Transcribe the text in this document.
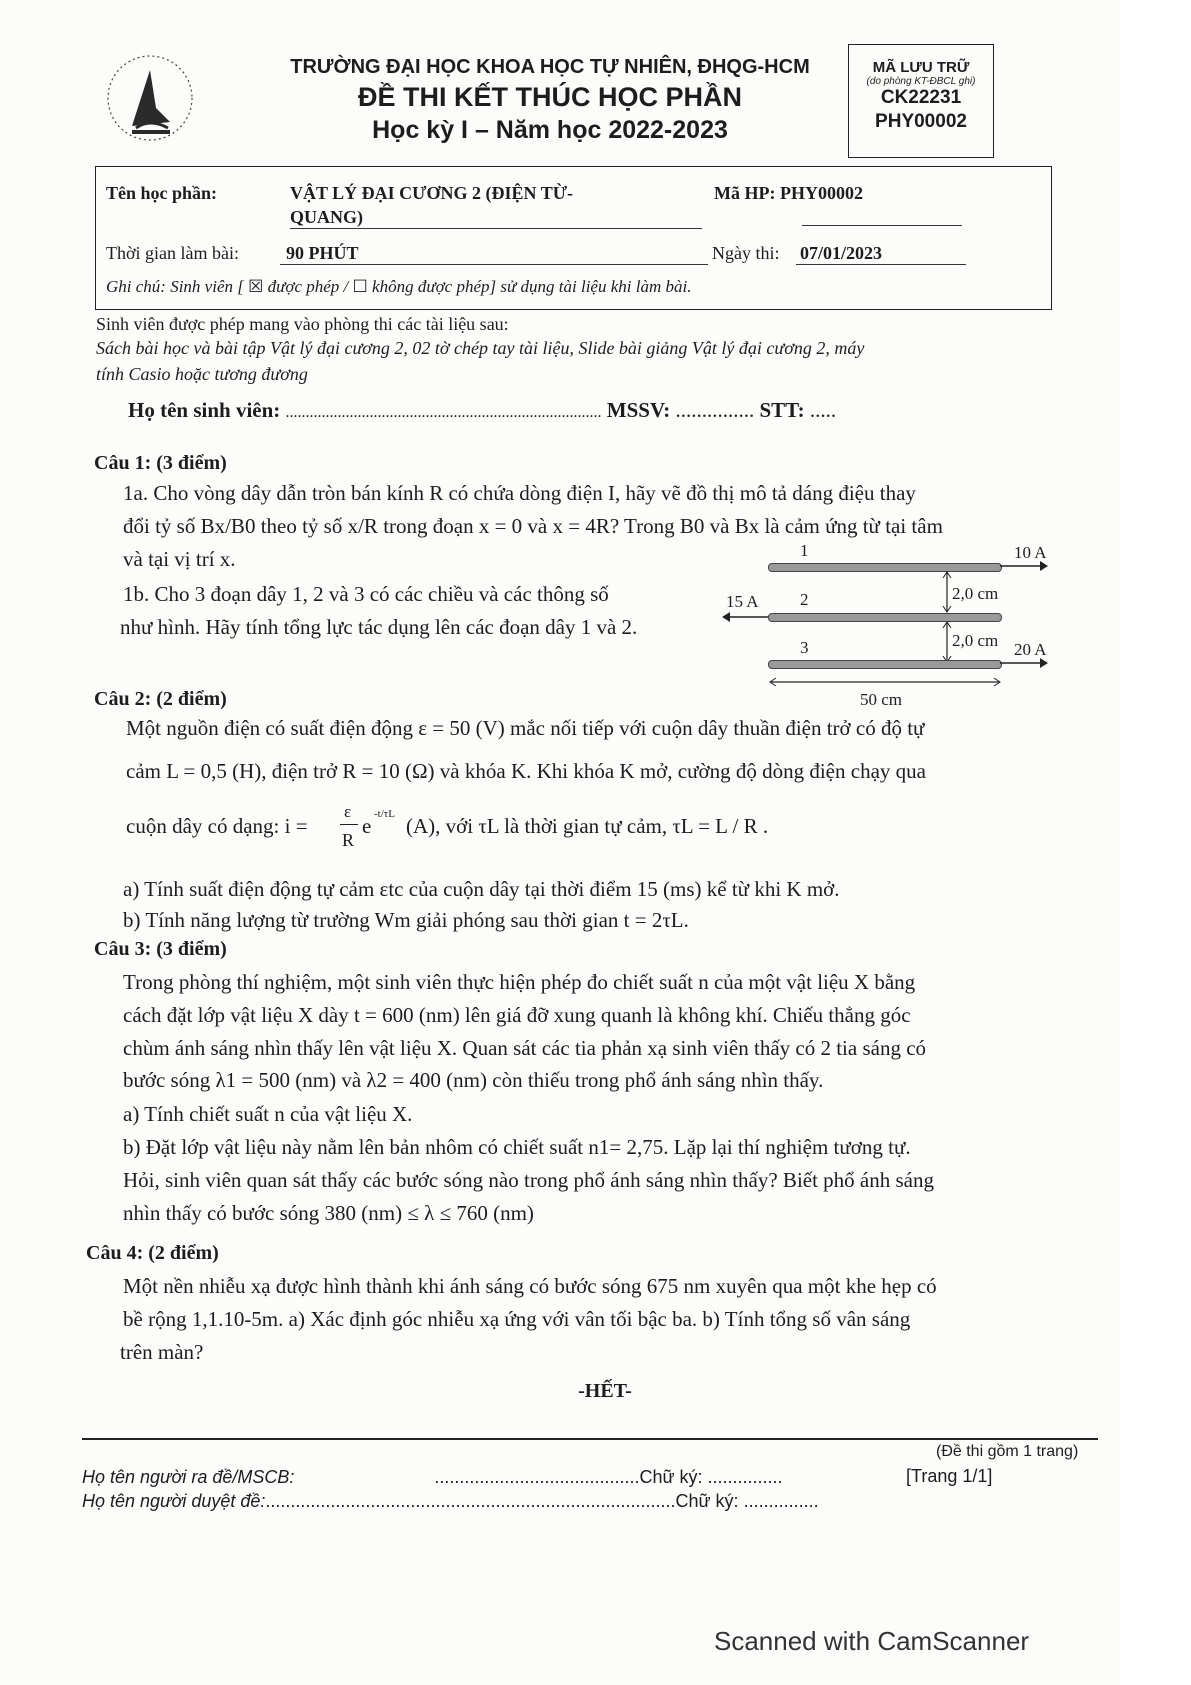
TRƯỜNG ĐẠI HỌC KHOA HỌC TỰ NHIÊN, ĐHQG-HCM
ĐỀ THI KẾT THÚC HỌC PHẦN
Học kỳ I – Năm học 2022-2023
MÃ LƯU TRỮ
(do phòng KT-ĐBCL ghi)
CK22231
PHY00002
Tên học phần:	VẬT LÝ ĐẠI CƯƠNG 2 (ĐIỆN TỪ-
QUANG)
Mã HP: PHY00002
Thời gian làm bài:	90 PHÚT	Ngày thi: 07/01/2023
Ghi chú: Sinh viên [ ☒ được phép / ☐ không được phép] sử dụng tài liệu khi làm bài.
Sinh viên được phép mang vào phòng thi các tài liệu sau:
Sách bài học và bài tập Vật lý đại cương 2, 02 tờ chép tay tài liệu, Slide bài giảng Vật lý đại cương 2, máy
tính Casio hoặc tương đương
Họ tên sinh viên: ............................................................................... MSSV: ............... STT: .....
Câu 1: (3 điểm)
1a. Cho vòng dây dẫn tròn bán kính R có chứa dòng điện I, hãy vẽ đồ thị mô tả dáng điệu thay
đổi tỷ số Bx/B0 theo tỷ số x/R trong đoạn x = 0 và x = 4R? Trong B0 và Bx là cảm ứng từ tại tâm
và tại vị trí x.
1b. Cho 3 đoạn dây 1, 2 và 3 có các chiều và các thông số
như hình. Hãy tính tổng lực tác dụng lên các đoạn dây 1 và 2.
1	10 A
15 A 2	2,0 cm
3	2,0 cm 20 A
50 cm
Câu 2: (2 điểm)
Một nguồn điện có suất điện động ε = 50 (V) mắc nối tiếp với cuộn dây thuần điện trở có độ tự
cảm L = 0,5 (H), điện trở R = 10 (Ω) và khóa K. Khi khóa K mở, cường độ dòng điện chạy qua
cuộn dây có dạng: i =
ε
R
e -t/τL (A), với τL là thời gian tự cảm, τL = L / R .
a) Tính suất điện động tự cảm εtc của cuộn dây tại thời điểm 15 (ms) kể từ khi K mở.
b) Tính năng lượng từ trường Wm giải phóng sau thời gian t = 2τL.
Câu 3: (3 điểm)
Trong phòng thí nghiệm, một sinh viên thực hiện phép đo chiết suất n của một vật liệu X bằng
cách đặt lớp vật liệu X dày t = 600 (nm) lên giá đỡ xung quanh là không khí. Chiếu thẳng góc
chùm ánh sáng nhìn thấy lên vật liệu X. Quan sát các tia phản xạ sinh viên thấy có 2 tia sáng có
bước sóng λ1 = 500 (nm) và λ2 = 400 (nm) còn thiếu trong phổ ánh sáng nhìn thấy.
a) Tính chiết suất n của vật liệu X.
b) Đặt lớp vật liệu này nằm lên bản nhôm có chiết suất n1= 2,75. Lặp lại thí nghiệm tương tự.
Hỏi, sinh viên quan sát thấy các bước sóng nào trong phổ ánh sáng nhìn thấy? Biết phổ ánh sáng
nhìn thấy có bước sóng 380 (nm) ≤ λ ≤ 760 (nm)
Câu 4: (2 điểm)
Một nền nhiễu xạ được hình thành khi ánh sáng có bước sóng 675 nm xuyên qua một khe hẹp có
bề rộng 1,1.10-5m. a) Xác định góc nhiễu xạ ứng với vân tối bậc ba. b) Tính tổng số vân sáng
trên màn?
-HẾT-
(Đề thi gồm 1 trang)
Họ tên người ra đề/MSCB:	.........................................Chữ ký: ...............	[Trang 1/1]
Họ tên người duyệt đề:..................................................................................Chữ ký: ...............
Scanned with CamScanner
